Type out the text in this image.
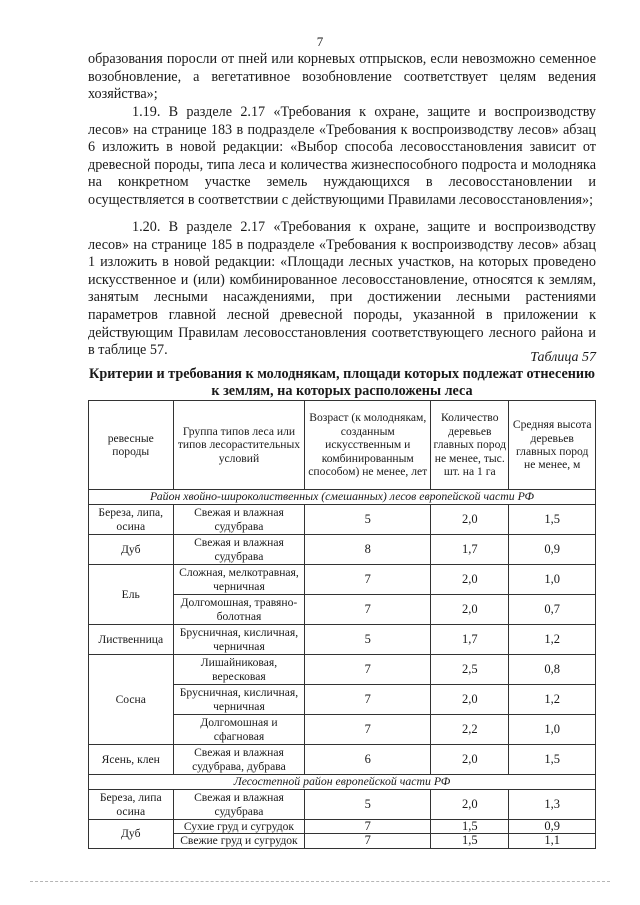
7

образования поросли от пней или корневых отпрысков, если невозможно семенное возобновление, а вегетативное возобновление соответствует целям ведения хозяйства»;

1.19. В разделе 2.17 «Требования к охране, защите и воспроизводству лесов» на странице 183 в подразделе «Требования к воспроизводству лесов» абзац 6 изложить в новой редакции: «Выбор способа лесовосстановления зависит от древесной породы, типа леса и количества жизнеспособного подроста и молодняка на конкретном участке земель нуждающихся в лесовосстановлении и осуществляется в соответствии с действующими Правилами лесовосстановления»;

1.20. В разделе 2.17 «Требования к охране, защите и воспроизводству лесов» на странице 185 в подразделе «Требования к воспроизводству лесов» абзац 1 изложить в новой редакции: «Площади лесных участков, на которых проведено искусственное и (или) комбинированное лесовосстановление, относятся к землям, занятым лесными насаждениями, при достижении лесными растениями параметров главной лесной древесной породы, указанной в приложении к действующим Правилам лесовосстановления соответствующего лесного района и в таблице 57.	Таблица 57
Критерии и требования к молоднякам, площади которых подлежат отнесению к землям, на которых расположены леса
ревесные породы	Группа типов леса или типов лесорастительных условий	Возраст (к молоднякам, созданным искусственным и комбинированным способом) не менее, лет	Количество деревьев главных пород не менее, тыс. шт. на 1 га	Средняя высота деревьев главных пород не менее, м
Район хвойно-широколиственных (смешанных) лесов европейской части РФ				
Береза, липа, осина	Свежая и влажная судубрава	5	2,0	1,5
Дуб	Свежая и влажная судубрава	8	1,7	0,9
Ель	Сложная, мелкотравная, черничная	7	2,0	1,0
	Долгомошная, травяно-болотная	7	2,0	0,7
Лиственница	Брусничная, кисличная, черничная	5	1,7	1,2
Сосна	Лишайниковая, вересковая	7	2,5	0,8
	Брусничная, кисличная, черничная	7	2,0	1,2
	Долгомошная и сфагновая	7	2,2	1,0
Ясень, клен	Свежая и влажная судубрава, дубрава	6	2,0	1,5
Лесостепной район европейской части РФ				
Береза, липа осина	Свежая и влажная судубрава	5	2,0	1,3
Дуб	Сухие груд и сугрудок	7	1,5	0,9
	Свежие груд и сугрудок	7	1,5	1,1
